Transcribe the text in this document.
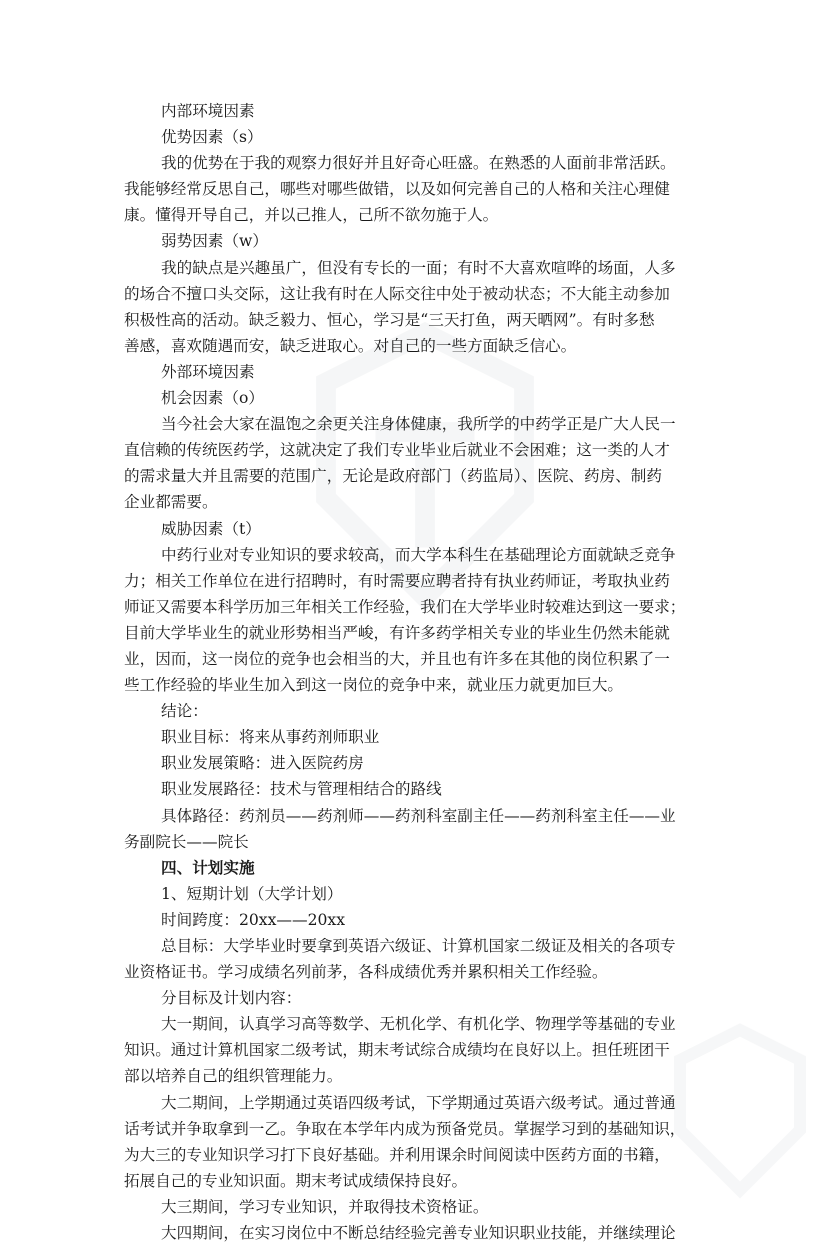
内部环境因素
优势因素（s）
我的优势在于我的观察力很好并且好奇心旺盛。在熟悉的人面前非常活跃。
我能够经常反思自己，哪些对哪些做错，以及如何完善自己的人格和关注心理健
康。懂得开导自己，并以己推人，己所不欲勿施于人。
弱势因素（w）
我的缺点是兴趣虽广，但没有专长的一面；有时不大喜欢喧哗的场面，人多
的场合不擅口头交际，这让我有时在人际交往中处于被动状态；不大能主动参加
积极性高的活动。缺乏毅力、恒心，学习是“三天打鱼，两天晒网”。有时多愁
善感，喜欢随遇而安，缺乏进取心。对自己的一些方面缺乏信心。
外部环境因素
机会因素（o）
当今社会大家在温饱之余更关注身体健康，我所学的中药学正是广大人民一
直信赖的传统医药学，这就决定了我们专业毕业后就业不会困难；这一类的人才
的需求量大并且需要的范围广，无论是政府部门（药监局）、医院、药房、制药
企业都需要。
威胁因素（t）
中药行业对专业知识的要求较高，而大学本科生在基础理论方面就缺乏竞争
力；相关工作单位在进行招聘时，有时需要应聘者持有执业药师证，考取执业药
师证又需要本科学历加三年相关工作经验，我们在大学毕业时较难达到这一要求；
目前大学毕业生的就业形势相当严峻，有许多药学相关专业的毕业生仍然未能就
业，因而，这一岗位的竞争也会相当的大，并且也有许多在其他的岗位积累了一
些工作经验的毕业生加入到这一岗位的竞争中来，就业压力就更加巨大。
结论：
职业目标：将来从事药剂师职业
职业发展策略：进入医院药房
职业发展路径：技术与管理相结合的路线
具体路径：药剂员——药剂师——药剂科室副主任——药剂科室主任——业
务副院长——院长
四、计划实施
1、短期计划（大学计划）
时间跨度：20xx——20xx
总目标：大学毕业时要拿到英语六级证、计算机国家二级证及相关的各项专
业资格证书。学习成绩名列前茅，各科成绩优秀并累积相关工作经验。
分目标及计划内容：
大一期间，认真学习高等数学、无机化学、有机化学、物理学等基础的专业
知识。通过计算机国家二级考试，期末考试综合成绩均在良好以上。担任班团干
部以培养自己的组织管理能力。
大二期间，上学期通过英语四级考试，下学期通过英语六级考试。通过普通
话考试并争取拿到一乙。争取在本学年内成为预备党员。掌握学习到的基础知识，
为大三的专业知识学习打下良好基础。并利用课余时间阅读中医药方面的书籍，
拓展自己的专业知识面。期末考试成绩保持良好。
大三期间，学习专业知识，并取得技术资格证。
大四期间，在实习岗位中不断总结经验完善专业知识职业技能，并继续理论
